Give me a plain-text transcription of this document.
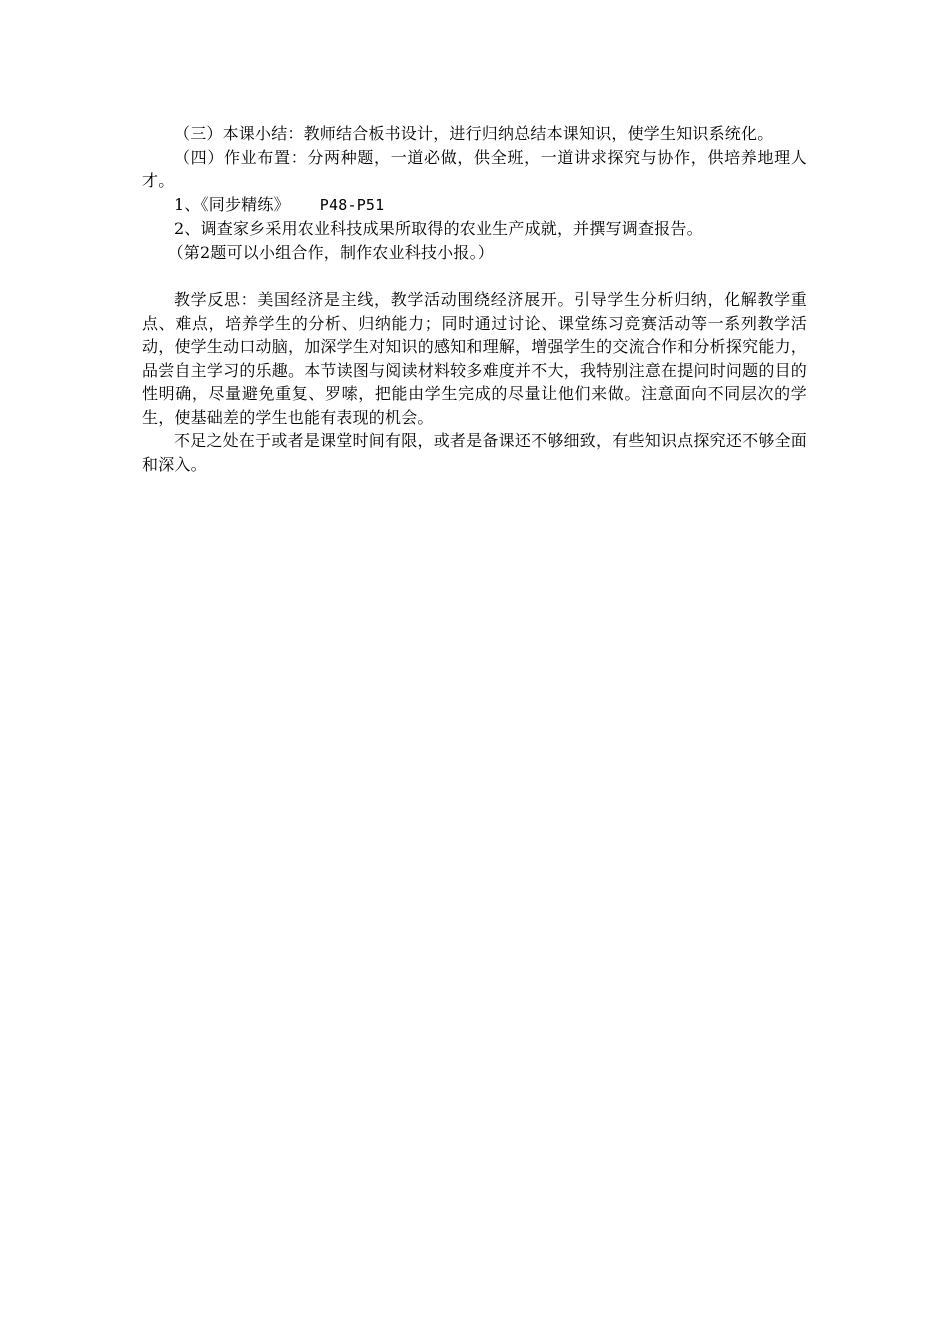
（三）本课小结：教师结合板书设计，进行归纳总结本课知识，使学生知识系统化。

（四）作业布置：分两种题，一道必做，供全班，一道讲求探究与协作，供培养地理人才。

1、《同步精练》 P48-P51

2、调查家乡采用农业科技成果所取得的农业生产成就，并撰写调查报告。

（第2题可以小组合作，制作农业科技小报。）

教学反思：美国经济是主线，教学活动围绕经济展开。引导学生分析归纳，化解教学重点、难点，培养学生的分析、归纳能力；同时通过讨论、课堂练习竞赛活动等一系列教学活动，使学生动口动脑，加深学生对知识的感知和理解，增强学生的交流合作和分析探究能力，品尝自主学习的乐趣。本节读图与阅读材料较多难度并不大，我特别注意在提问时问题的目的性明确，尽量避免重复、罗嗦，把能由学生完成的尽量让他们来做。注意面向不同层次的学生，使基础差的学生也能有表现的机会。

不足之处在于或者是课堂时间有限，或者是备课还不够细致，有些知识点探究还不够全面和深入。
